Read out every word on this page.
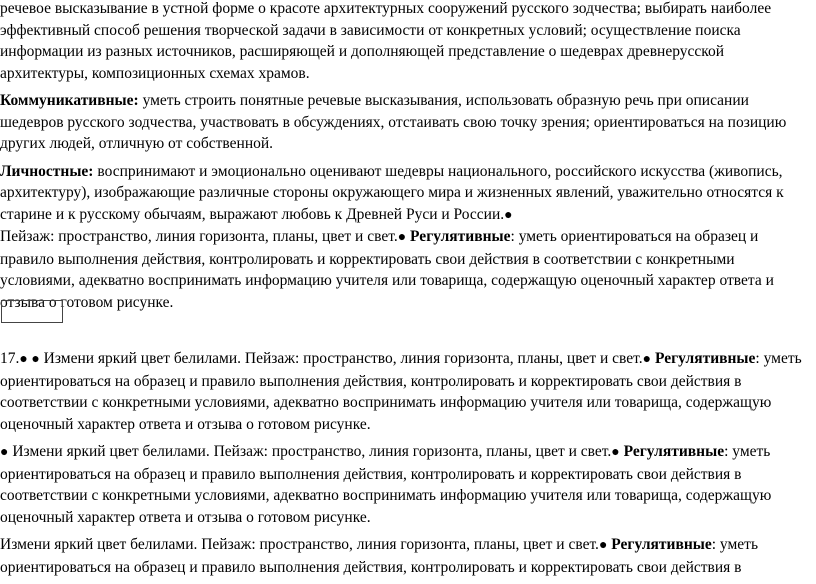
речевое высказывание в устной форме о красоте архитектурных сооружений русского зодчества; выбирать наиболее эффективный способ решения творческой задачи в зависимости от конкретных условий; осуществление поиска информации из разных источников, расширяющей и дополняющей представление о шедеврах древнерусской архитектуры, композиционных схемах храмов.

Коммуникативные: уметь строить понятные речевые высказывания, использовать образную речь при описании шедевров русского зодчества, участвовать в обсуждениях, отстаивать свою точку зрения; ориентироваться на позицию других людей, отличную от собственной.

Личностные: воспринимают и эмоционально оценивают шедевры национального, российского искусства (живопись, архитектуру), изображающие различные стороны окружающего мира и жизненных явлений, уважительно относятся к старине и к русскому обычаям, выражают любовь к Древней Руси и России.●
Пейзаж: пространство, линия горизонта, планы, цвет и свет.● Регулятивные: уметь ориентироваться на образец и правило выполнения действия, контролировать и корректировать свои действия в соответствии с конкретными условиями, адекватно воспринимать информацию учителя или товарища, содержащую оценочный характер ответа и отзыва о готовом рисунке.

17.● ● Измени яркий цвет белилами. Пейзаж: пространство, линия горизонта, планы, цвет и свет.● Регулятивные: уметь ориентироваться на образец и правило выполнения действия, контролировать и корректировать свои действия в соответствии с конкретными условиями, адекватно воспринимать информацию учителя или товарища, содержащую оценочный характер ответа и отзыва о готовом рисунке.

● Измени яркий цвет белилами. Пейзаж: пространство, линия горизонта, планы, цвет и свет.● Регулятивные: уметь ориентироваться на образец и правило выполнения действия, контролировать и корректировать свои действия в соответствии с конкретными условиями, адекватно воспринимать информацию учителя или товарища, содержащую оценочный характер ответа и отзыва о готовом рисунке.

Измени яркий цвет белилами. Пейзаж: пространство, линия горизонта, планы, цвет и свет.● Регулятивные: уметь ориентироваться на образец и правило выполнения действия, контролировать и корректировать свои действия в
